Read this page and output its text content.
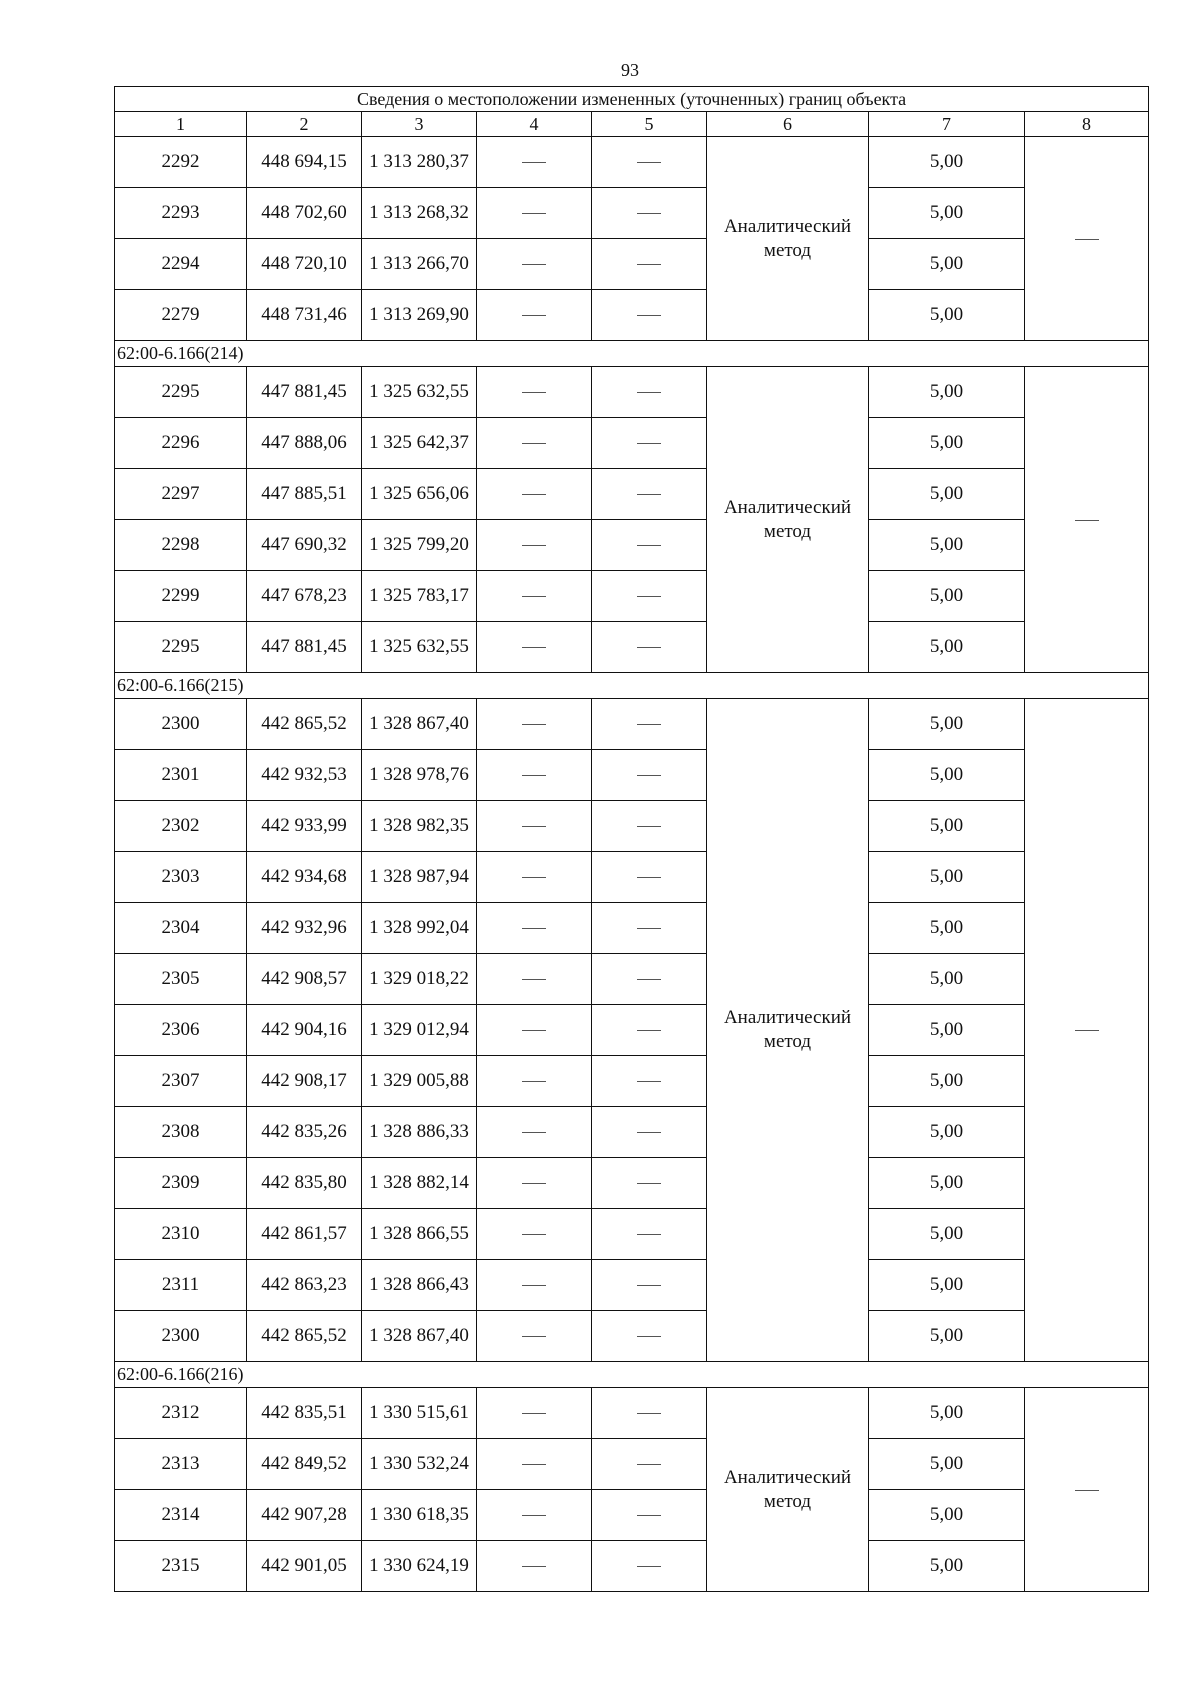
93
Сведения о местоположении измененных (уточненных) границ объекта							
1	2	3	4	5	6	7	8
2292	448 694,15	1 313 280,37			Аналитический метод	5,00	
2293	448 702,60	1 313 268,32				5,00	
2294	448 720,10	1 313 266,70				5,00	
2279	448 731,46	1 313 269,90				5,00	
62:00-6.166(214)							
2295	447 881,45	1 325 632,55			Аналитический метод	5,00	
2296	447 888,06	1 325 642,37				5,00	
2297	447 885,51	1 325 656,06				5,00	
2298	447 690,32	1 325 799,20				5,00	
2299	447 678,23	1 325 783,17				5,00	
2295	447 881,45	1 325 632,55				5,00	
62:00-6.166(215)							
2300	442 865,52	1 328 867,40			Аналитический метод	5,00	
2301	442 932,53	1 328 978,76				5,00	
2302	442 933,99	1 328 982,35				5,00	
2303	442 934,68	1 328 987,94				5,00	
2304	442 932,96	1 328 992,04				5,00	
2305	442 908,57	1 329 018,22				5,00	
2306	442 904,16	1 329 012,94				5,00	
2307	442 908,17	1 329 005,88				5,00	
2308	442 835,26	1 328 886,33				5,00	
2309	442 835,80	1 328 882,14				5,00	
2310	442 861,57	1 328 866,55				5,00	
2311	442 863,23	1 328 866,43				5,00	
2300	442 865,52	1 328 867,40				5,00	
62:00-6.166(216)							
2312	442 835,51	1 330 515,61			Аналитический метод	5,00	
2313	442 849,52	1 330 532,24				5,00	
2314	442 907,28	1 330 618,35				5,00	
2315	442 901,05	1 330 624,19				5,00	
